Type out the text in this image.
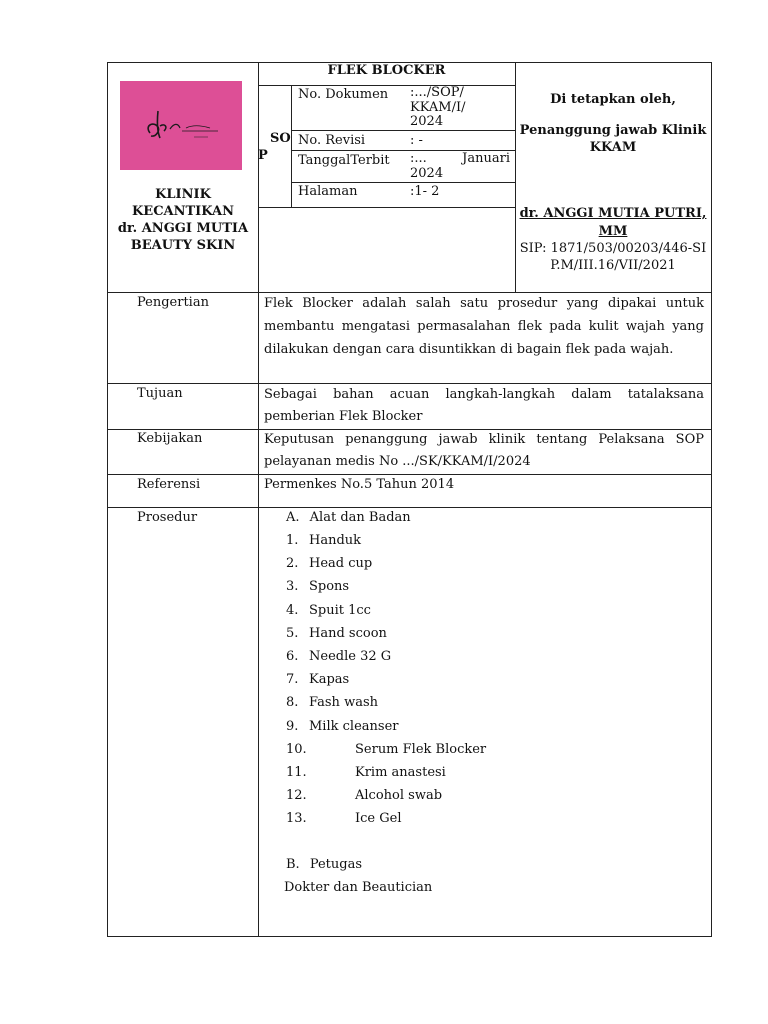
KLINIK
KECANTIKAN
dr. ANGGI MUTIA
BEAUTY SKIN
FLEK BLOCKER
SO
P
No. Dokumen	:.../SOP/ KKAM/I/ 2024
No. Revisi	: -
TanggalTerbit	:... Januari 2024
Halaman	:1- 2
Di tetapkan oleh,
Penanggung jawab Klinik KKAM
dr. ANGGI MUTIA PUTRI, MM
SIP: 1871/503/00203/446-SIP.M/III.16/VII/2021
Pengertian	Flek Blocker adalah salah satu prosedur yang dipakai untuk membantu mengatasi permasalahan flek pada kulit wajah yang dilakukan dengan cara disuntikkan di bagain flek pada wajah.
Tujuan	Sebagai bahan acuan langkah-langkah dalam tatalaksana pemberian Flek Blocker
Kebijakan	Keputusan penanggung jawab klinik tentang Pelaksana SOP pelayanan medis No .../SK/KKAM/I/2024
Referensi	Permenkes No.5 Tahun 2014
Prosedur	A. Alat dan Badan
1. Handuk
2. Head cup
3. Spons
4. Spuit 1cc
5. Hand scoon
6. Needle 32 G
7. Kapas
8. Fash wash
9. Milk cleanser
10.	Serum Flek Blocker
11.	Krim anastesi
12.	Alcohol swab
13.	Ice Gel
B. Petugas
Dokter dan Beautician
